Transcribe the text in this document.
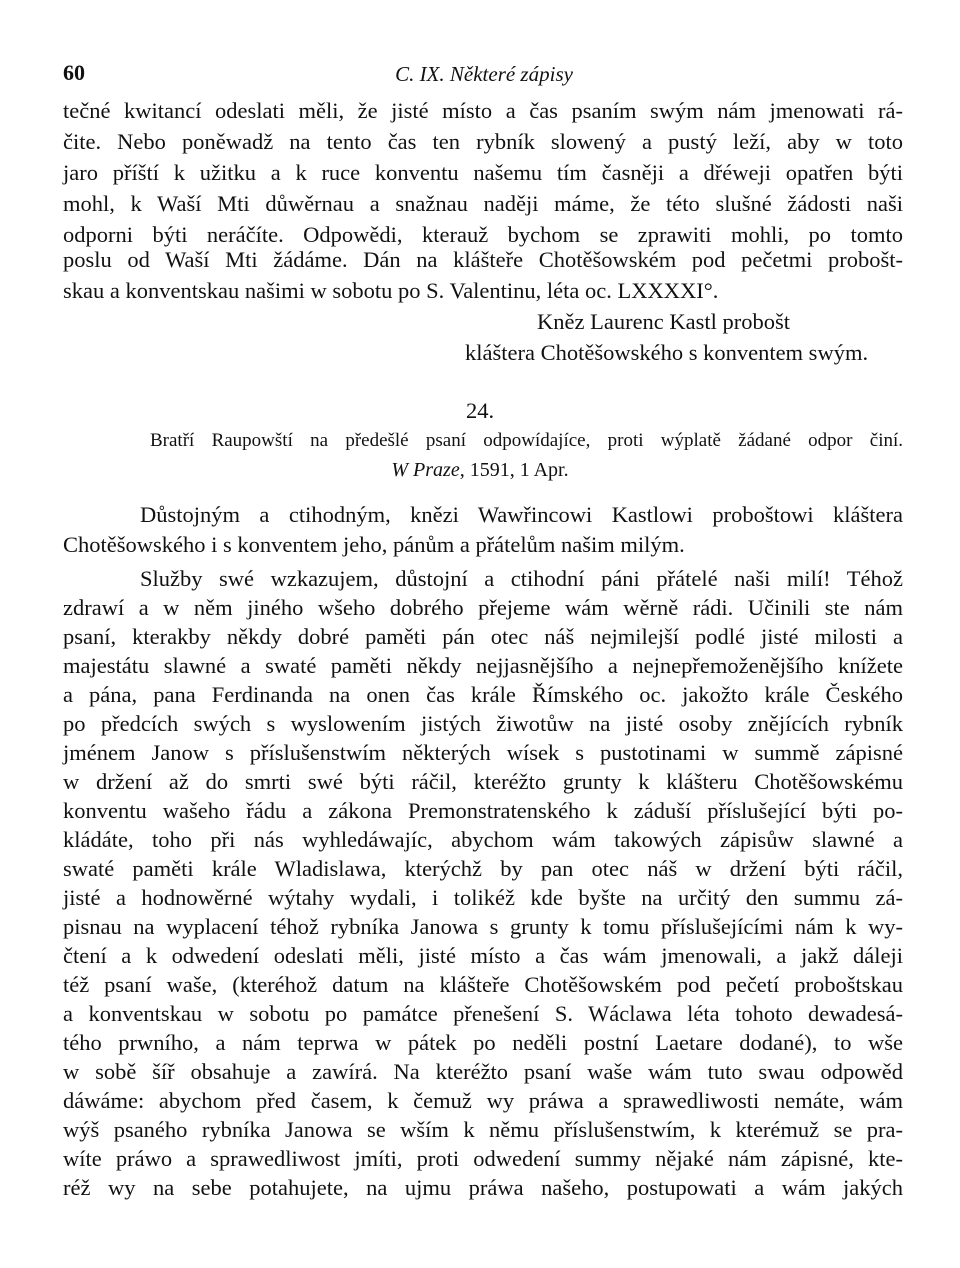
60	C. IX. Některé zápisy
tečné kwitancí odeslati měli, že jisté místo a čas psaním swým nám jmenowati rá-
čite. Nebo poněwadž na tento čas ten rybník slowený a pustý leží, aby w toto
jaro příští k užitku a k ruce konventu našemu tím časněji a dřéweji opatřen býti
mohl, k Waší Mti důwěrnau a snažnau naději máme, že této slušné žádosti naši
odporni býti neráčíte. Odpowědi, kterauž bychom se zprawiti mohli, po tomto
poslu od Waší Mti žádáme. Dán na klášteře Chotěšowském pod pečetmi probošt-
skau a konventskau našimi w sobotu po S. Valentinu, léta oc. LXXXXI°.
Kněz Laurenc Kastl probošt
kláštera Chotěšowského s konventem swým.
24.
Bratří Raupowští na předešlé psaní odpowídajíce, proti wýplatě žádané odpor činí.
W Praze, 1591, 1 Apr.
Důstojným a ctihodným, knězi Wawřincowi Kastlowi proboštowi kláštera
Chotěšowského i s konventem jeho, pánům a přátelům našim milým.
Služby swé wzkazujem, důstojní a ctihodní páni přátelé naši milí! Téhož
zdrawí a w něm jiného wšeho dobrého přejeme wám wěrně rádi. Učinili ste nám
psaní, kterakby někdy dobré paměti pán otec náš nejmilejší podlé jisté milosti a
majestátu slawné a swaté paměti někdy nejjasnějšího a nejnepřemoženějšího knížete
a pána, pana Ferdinanda na onen čas krále Římského oc. jakožto krále Českého
po předcích swých s wyslowením jistých žiwotůw na jisté osoby znějících rybník
jménem Janow s příslušenstwím některých wísek s pustotinami w summě zápisné
w držení až do smrti swé býti ráčil, kteréžto grunty k klášteru Chotěšowskému
konventu wašeho řádu a zákona Premonstratenského k záduší příslušející býti po-
kládáte, toho při nás wyhledáwajíc, abychom wám takowých zápisůw slawné a
swaté paměti krále Wladislawa, kterýchž by pan otec náš w držení býti ráčil,
jisté a hodnowěrné wýtahy wydali, i tolikéž kde byšte na určitý den summu zá-
pisnau na wyplacení téhož rybníka Janowa s grunty k tomu příslušejícími nám k wy-
čtení a k odwedení odeslati měli, jisté místo a čas wám jmenowali, a jakž dáleji
též psaní waše, (kteréhož datum na klášteře Chotěšowském pod pečetí proboštskau
a konventskau w sobotu po památce přenešení S. Wáclawa léta tohoto dewadesá-
tého prwního, a nám teprwa w pátek po neděli postní Laetare dodané), to wše
w sobě šíř obsahuje a zawírá. Na kteréžto psaní waše wám tuto swau odpowěd
dáwáme: abychom před časem, k čemuž wy práwa a sprawedliwosti nemáte, wám
wýš psaného rybníka Janowa se wším k němu příslušenstwím, k kterémuž se pra-
wíte práwo a sprawedliwost jmíti, proti odwedení summy nějaké nám zápisné, kte-
réž wy na sebe potahujete, na ujmu práwa našeho, postupowati a wám jakých
